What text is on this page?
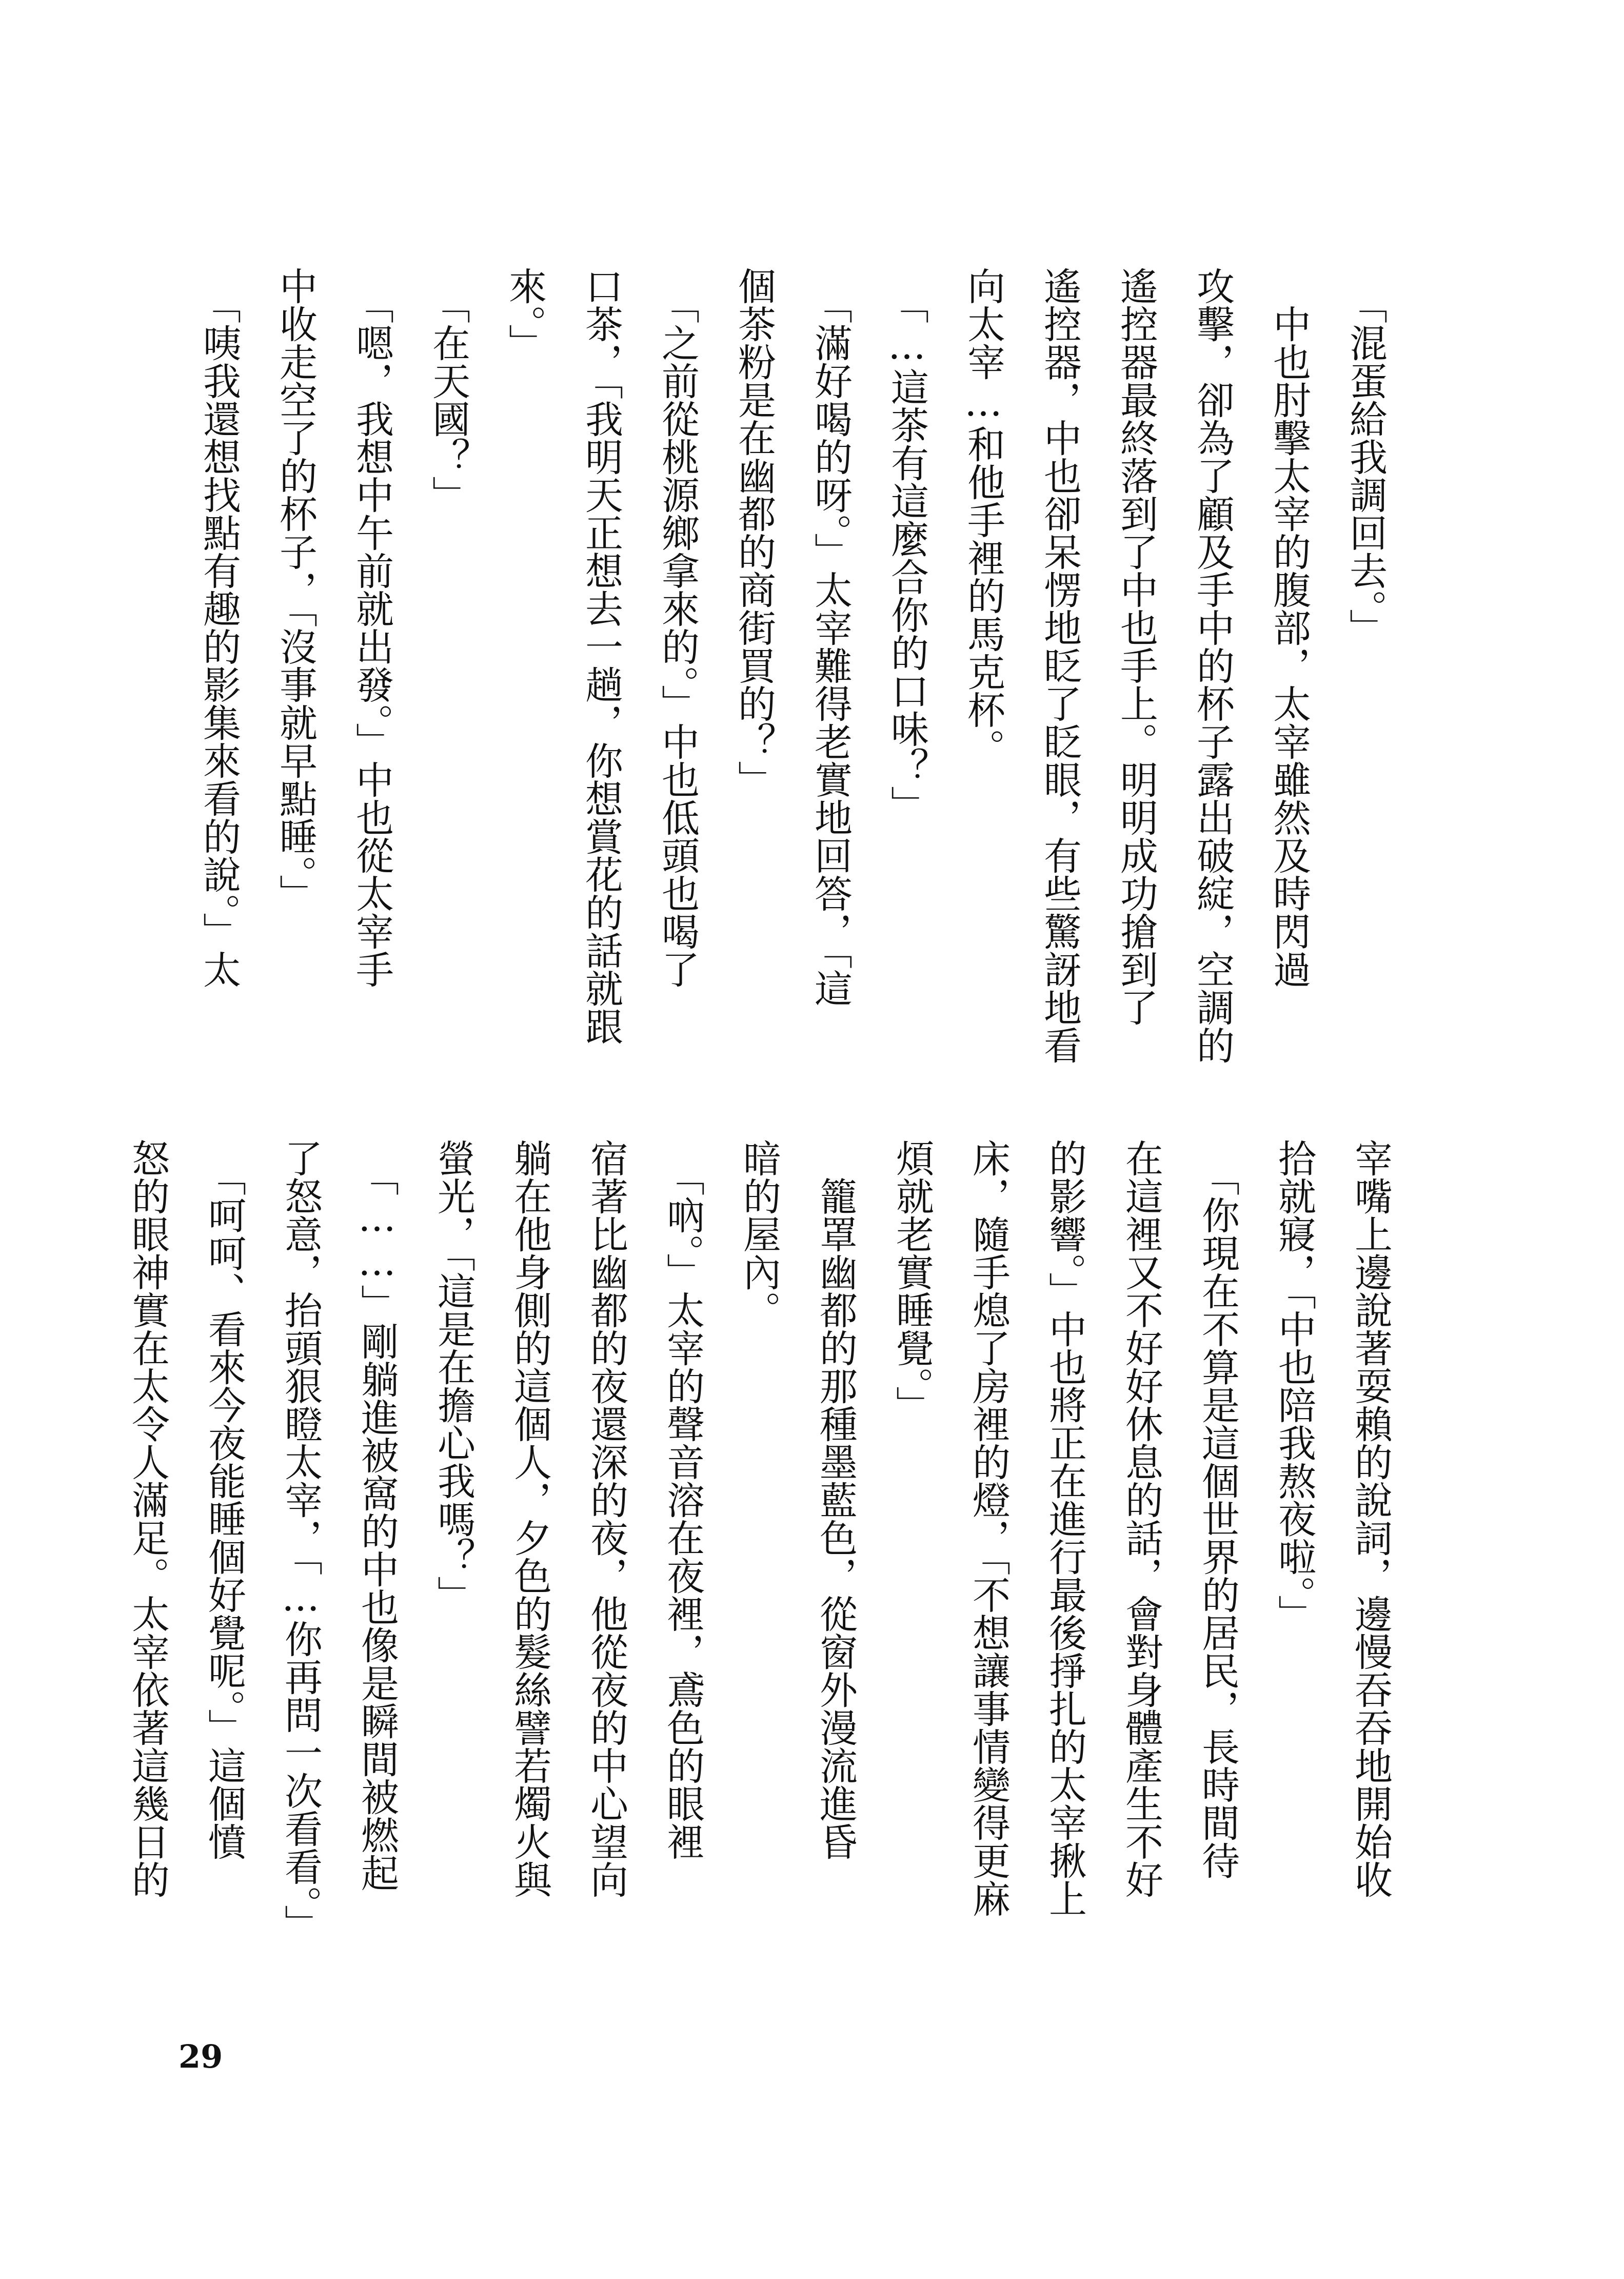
　「混蛋給我調回去。」
　中也肘擊太宰的腹部，太宰雖然及時閃過
攻擊，卻為了顧及手中的杯子露出破綻，空調的
遙控器最終落到了中也手上。明明成功搶到了
遙控器，中也卻呆愣地眨了眨眼，有些驚訝地看
向太宰…和他手裡的馬克杯。
　「…這茶有這麼合你的口味？」
　「滿好喝的呀。」太宰難得老實地回答，「這
個茶粉是在幽都的商街買的？」
　「之前從桃源鄉拿來的。」中也低頭也喝了
口茶，「我明天正想去一趟，你想賞花的話就跟
來。」
　「在天國？」
　「嗯，我想中午前就出發。」中也從太宰手
中收走空了的杯子，「沒事就早點睡。」
　「咦我還想找點有趣的影集來看的說。」太
宰嘴上邊說著耍賴的說詞，邊慢吞吞地開始收
拾就寢，「中也陪我熬夜啦。」
　「你現在不算是這個世界的居民，長時間待
在這裡又不好好休息的話，會對身體產生不好
的影響。」中也將正在進行最後掙扎的太宰揪上
床，隨手熄了房裡的燈，「不想讓事情變得更麻
煩就老實睡覺。」
　籠罩幽都的那種墨藍色，從窗外漫流進昏
暗的屋內。
　「吶。」太宰的聲音溶在夜裡，鳶色的眼裡
宿著比幽都的夜還深的夜，他從夜的中心望向
躺在他身側的這個人，夕色的髮絲譬若燭火與
螢光，「這是在擔心我嗎？」
　「……」剛躺進被窩的中也像是瞬間被燃起
了怒意，抬頭狠瞪太宰，「…你再問一次看看。」
　「呵呵、看來今夜能睡個好覺呢。」這個憤
怒的眼神實在太令人滿足。太宰依著這幾日的
29
